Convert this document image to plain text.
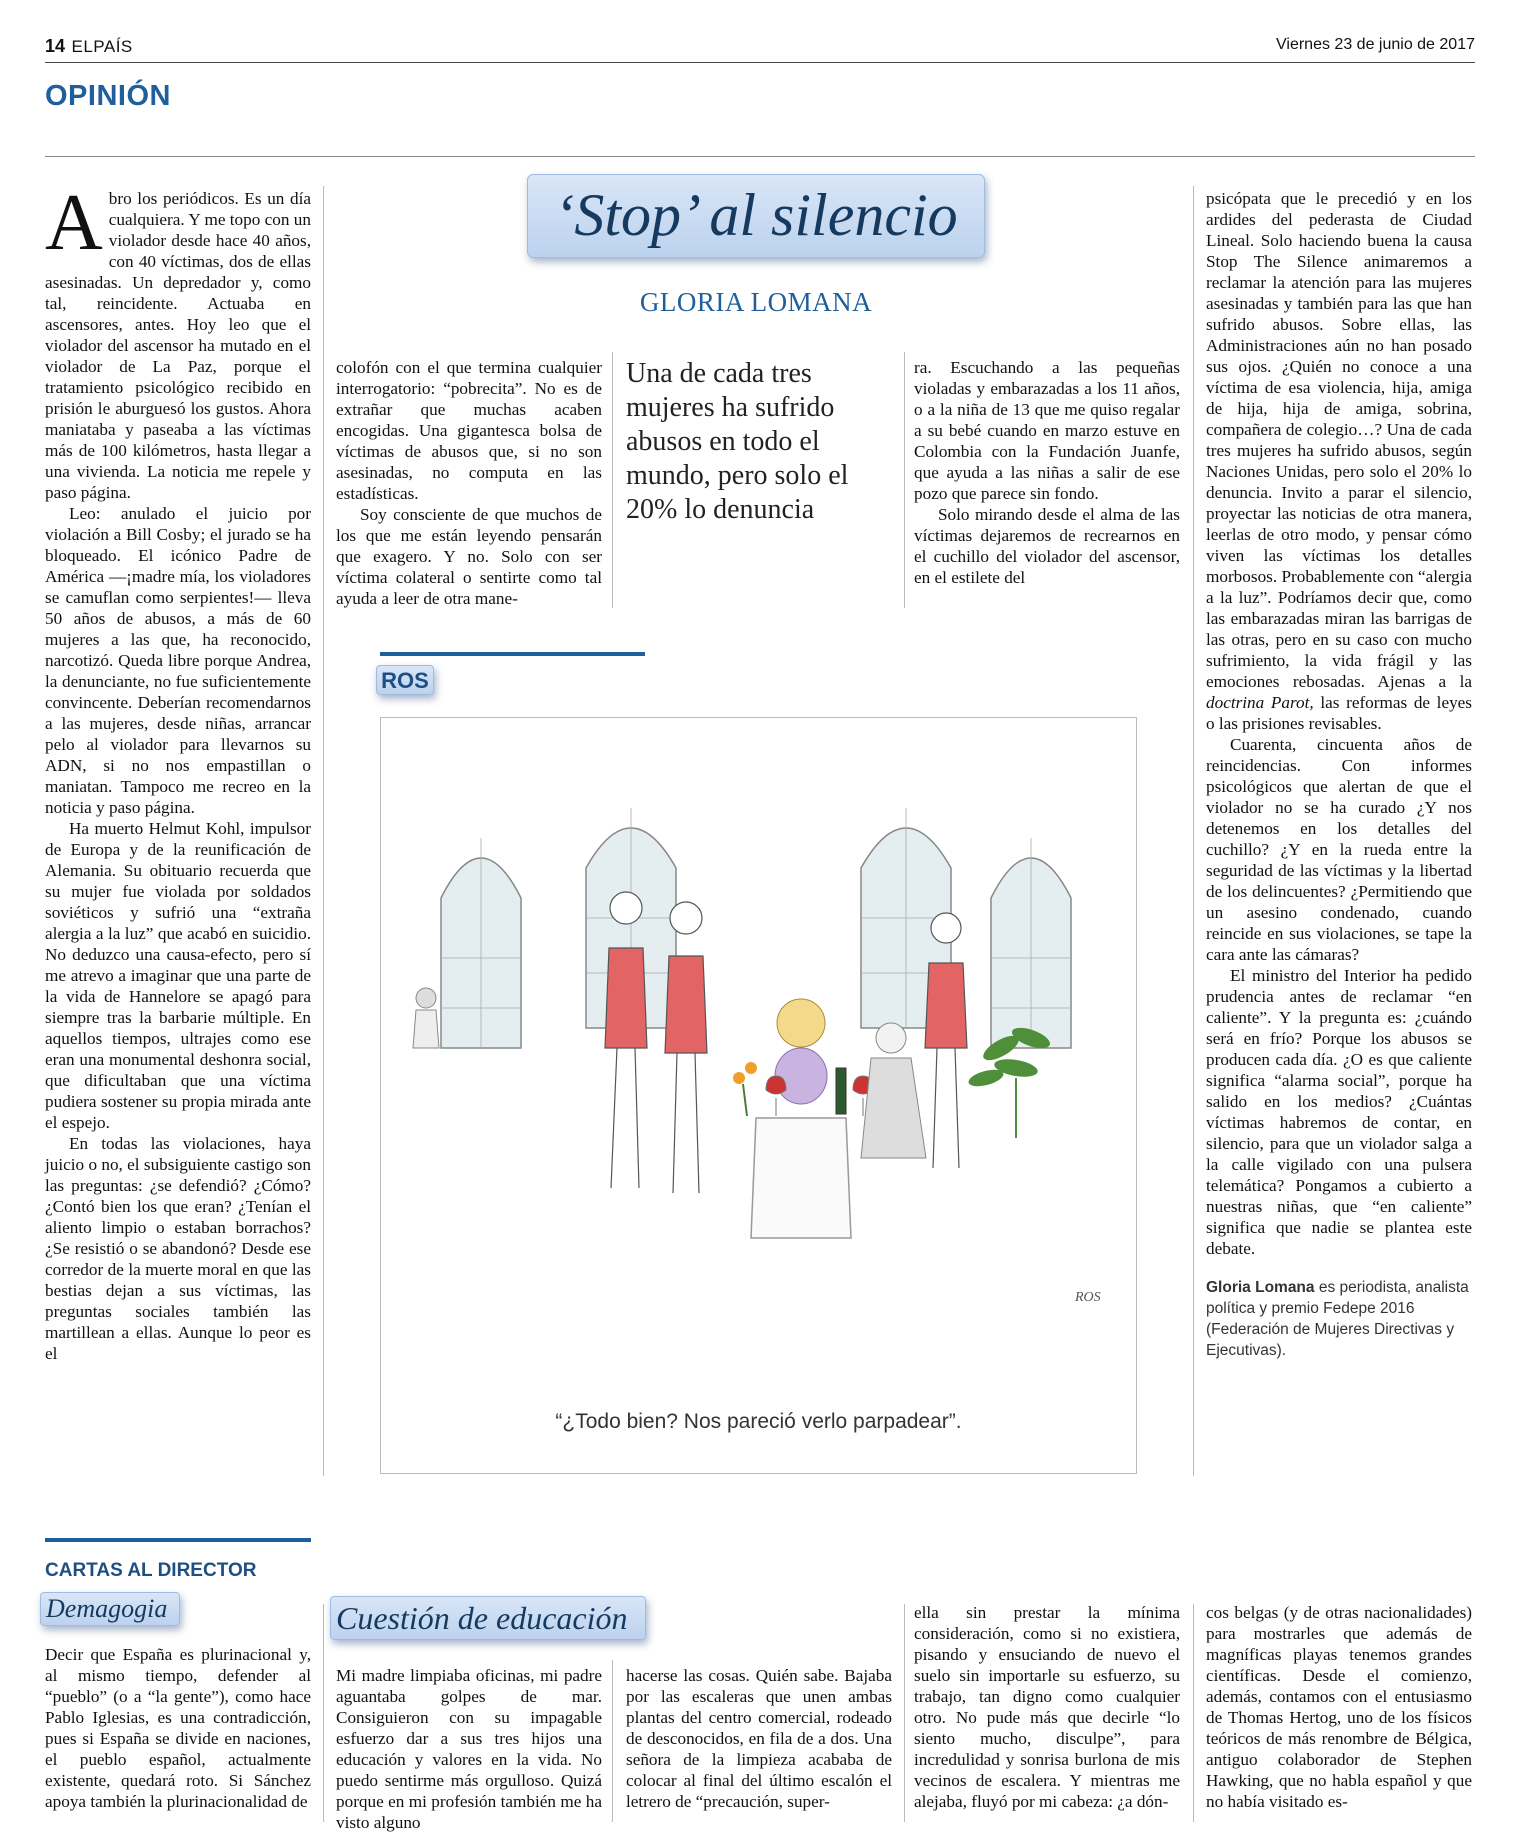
14 ELPAÍS	Viernes 23 de junio de 2017
OPINIÓN

Abro los periódicos. Es un día cualquiera. Y me topo con un violador desde hace 40 años, con 40 víctimas, dos de ellas asesinadas. Un depredador y, como tal, reincidente. Actuaba en ascensores, antes. Hoy leo que el violador del ascensor ha mutado en el violador de La Paz, porque el tratamiento psicológico recibido en prisión le aburguesó los gustos. Ahora maniataba y paseaba a las víctimas más de 100 kilómetros, hasta llegar a una vivienda. La noticia me repele y paso página.

Leo: anulado el juicio por violación a Bill Cosby; el jurado se ha bloqueado. El icónico Padre de América —¡madre mía, los violadores se camuflan como serpientes!— lleva 50 años de abusos, a más de 60 mujeres a las que, ha reconocido, narcotizó. Queda libre porque Andrea, la denunciante, no fue suficientemente convincente. Deberían recomendarnos a las mujeres, desde niñas, arrancar pelo al violador para llevarnos su ADN, si no nos empastillan o maniatan. Tampoco me recreo en la noticia y paso página.

Ha muerto Helmut Kohl, impulsor de Europa y de la reunificación de Alemania. Su obituario recuerda que su mujer fue violada por soldados soviéticos y sufrió una “extraña alergia a la luz” que acabó en suicidio. No deduzco una causa-efecto, pero sí me atrevo a imaginar que una parte de la vida de Hannelore se apagó para siempre tras la barbarie múltiple. En aquellos tiempos, ultrajes como ese eran una monumental deshonra social, que dificultaban que una víctima pudiera sostener su propia mirada ante el espejo.

En todas las violaciones, haya juicio o no, el subsiguiente castigo son las preguntas: ¿se defendió? ¿Cómo? ¿Contó bien los que eran? ¿Tenían el aliento limpio o estaban borrachos? ¿Se resistió o se abandonó? Desde ese corredor de la muerte moral en que las bestias dejan a sus víctimas, las preguntas sociales también las martillean a ellas. Aunque lo peor es el

‘Stop’ al silencio
GLORIA LOMANA

colofón con el que termina cualquier interrogatorio: “pobrecita”. No es de extrañar que muchas acaben encogidas. Una gigantesca bolsa de víctimas de abusos que, si no son asesinadas, no computa en las estadísticas.

Soy consciente de que muchos de los que me están leyendo pensarán que exagero. Y no. Solo con ser víctima colateral o sentirte como tal ayuda a leer de otra mane-

Una de cada tres mujeres ha sufrido abusos en todo el mundo, pero solo el 20% lo denuncia

ra. Escuchando a las pequeñas violadas y embarazadas a los 11 años, o a la niña de 13 que me quiso regalar a su bebé cuando en marzo estuve en Colombia con la Fundación Juanfe, que ayuda a las niñas a salir de ese pozo que parece sin fondo.

Solo mirando desde el alma de las víctimas dejaremos de recrearnos en el cuchillo del violador del ascensor, en el estilete del

psicópata que le precedió y en los ardides del pederasta de Ciudad Lineal. Solo haciendo buena la causa Stop The Silence animaremos a reclamar la atención para las mujeres asesinadas y también para las que han sufrido abusos. Sobre ellas, las Administraciones aún no han posado sus ojos. ¿Quién no conoce a una víctima de esa violencia, hija, amiga de hija, hija de amiga, sobrina, compañera de colegio…? Una de cada tres mujeres ha sufrido abusos, según Naciones Unidas, pero solo el 20% lo denuncia. Invito a parar el silencio, proyectar las noticias de otra manera, leerlas de otro modo, y pensar cómo viven las víctimas los detalles morbosos. Probablemente con “alergia a la luz”. Podríamos decir que, como las embarazadas miran las barrigas de las otras, pero en su caso con mucho sufrimiento, la vida frágil y las emociones rebosadas. Ajenas a la doctrina Parot, las reformas de leyes o las prisiones revisables.

Cuarenta, cincuenta años de reincidencias. Con informes psicológicos que alertan de que el violador no se ha curado ¿Y nos detenemos en los detalles del cuchillo? ¿Y en la rueda entre la seguridad de las víctimas y la libertad de los delincuentes? ¿Permitiendo que un asesino condenado, cuando reincide en sus violaciones, se tape la cara ante las cámaras?

El ministro del Interior ha pedido prudencia antes de reclamar “en caliente”. Y la pregunta es: ¿cuándo será en frío? Porque los abusos se producen cada día. ¿O es que caliente significa “alarma social”, porque ha salido en los medios? ¿Cuántas víctimas habremos de contar, en silencio, para que un violador salga a la calle vigilado con una pulsera telemática? Pongamos a cubierto a nuestras niñas, que “en caliente” significa que nadie se plantea este debate.

Gloria Lomana es periodista, analista política y premio Fedepe 2016 (Federación de Mujeres Directivas y Ejecutivas).

ROS
ROS
“¿Todo bien? Nos pareció verlo parpadear”.
CARTAS AL DIRECTOR
Demagogia

Decir que España es plurinacional y, al mismo tiempo, defender al “pueblo” (o a “la gente”), como hace Pablo Iglesias, es una contradicción, pues si España se divide en naciones, el pueblo español, actualmente existente, quedará roto. Si Sánchez apoya también la plurinacionalidad de

Cuestión de educación

Mi madre limpiaba oficinas, mi padre aguantaba golpes de mar. Consiguieron con su impagable esfuerzo dar a sus tres hijos una educación y valores en la vida. No puedo sentirme más orgulloso. Quizá porque en mi profesión también me ha visto alguno

hacerse las cosas. Quién sabe. Bajaba por las escaleras que unen ambas plantas del centro comercial, rodeado de desconocidos, en fila de a dos. Una señora de la limpieza acababa de colocar al final del último escalón el letrero de “precaución, super-

ella sin prestar la mínima consideración, como si no existiera, pisando y ensuciando de nuevo el suelo sin importarle su esfuerzo, su trabajo, tan digno como cualquier otro. No pude más que decirle “lo siento mucho, disculpe”, para incredulidad y sonrisa burlona de mis vecinos de escalera. Y mientras me alejaba, fluyó por mi cabeza: ¿a dón-

cos belgas (y de otras nacionalidades) para mostrarles que además de magníficas playas tenemos grandes científicas. Desde el comienzo, además, contamos con el entusiasmo de Thomas Hertog, uno de los físicos teóricos de más renombre de Bélgica, antiguo colaborador de Stephen Hawking, que no habla español y que no había visitado es-
